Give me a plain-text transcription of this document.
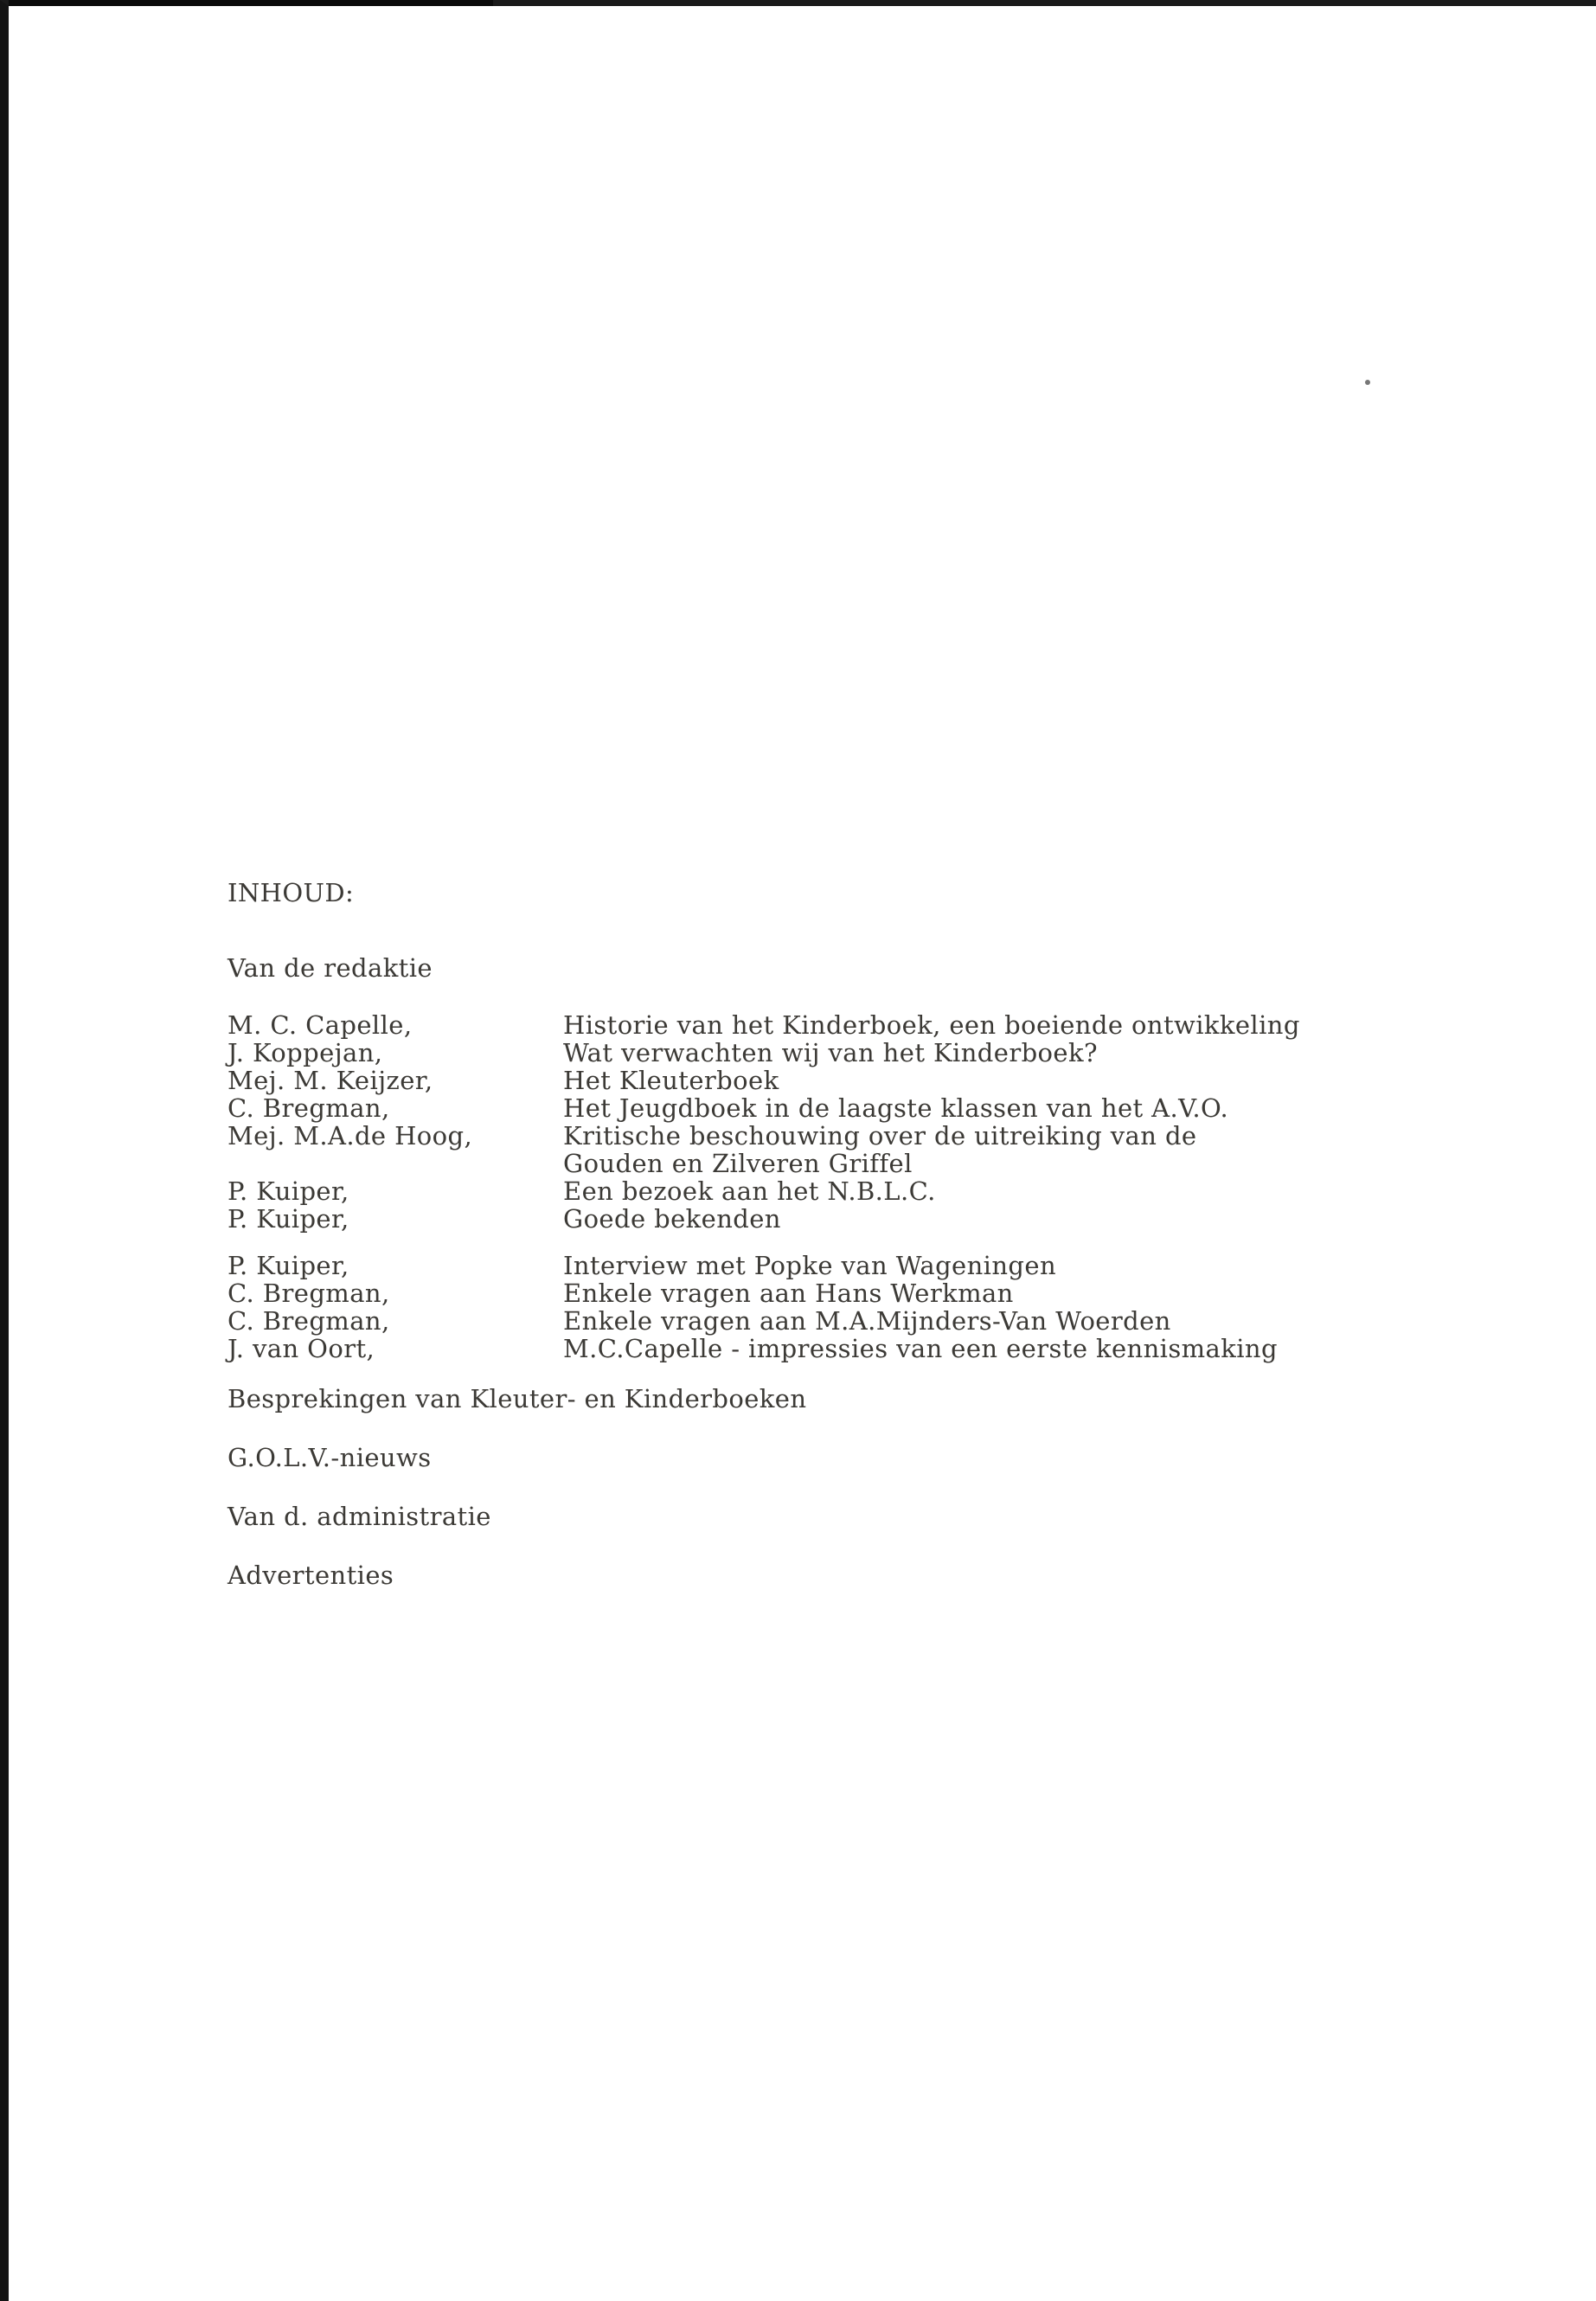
INHOUD:

Van de redaktie

M. C. Capelle,	Historie van het Kinderboek, een boeiende ontwikkeling
J. Koppejan,	Wat verwachten wij van het Kinderboek?
Mej. M. Keijzer,	Het Kleuterboek
C. Bregman,	Het Jeugdboek in de laagste klassen van het A.V.O.
Mej. M.A.de Hoog,	Kritische beschouwing over de uitreiking van de
Gouden en Zilveren Griffel
P. Kuiper,	Een bezoek aan het N.B.L.C.
P. Kuiper,	Goede bekenden
P. Kuiper,	Interview met Popke van Wageningen
C. Bregman,	Enkele vragen aan Hans Werkman
C. Bregman,	Enkele vragen aan M.A.Mijnders-Van Woerden
J. van Oort,	M.C.Capelle - impressies van een eerste kennismaking

Besprekingen van Kleuter- en Kinderboeken

G.O.L.V.-nieuws

Van d. administratie

Advertenties
